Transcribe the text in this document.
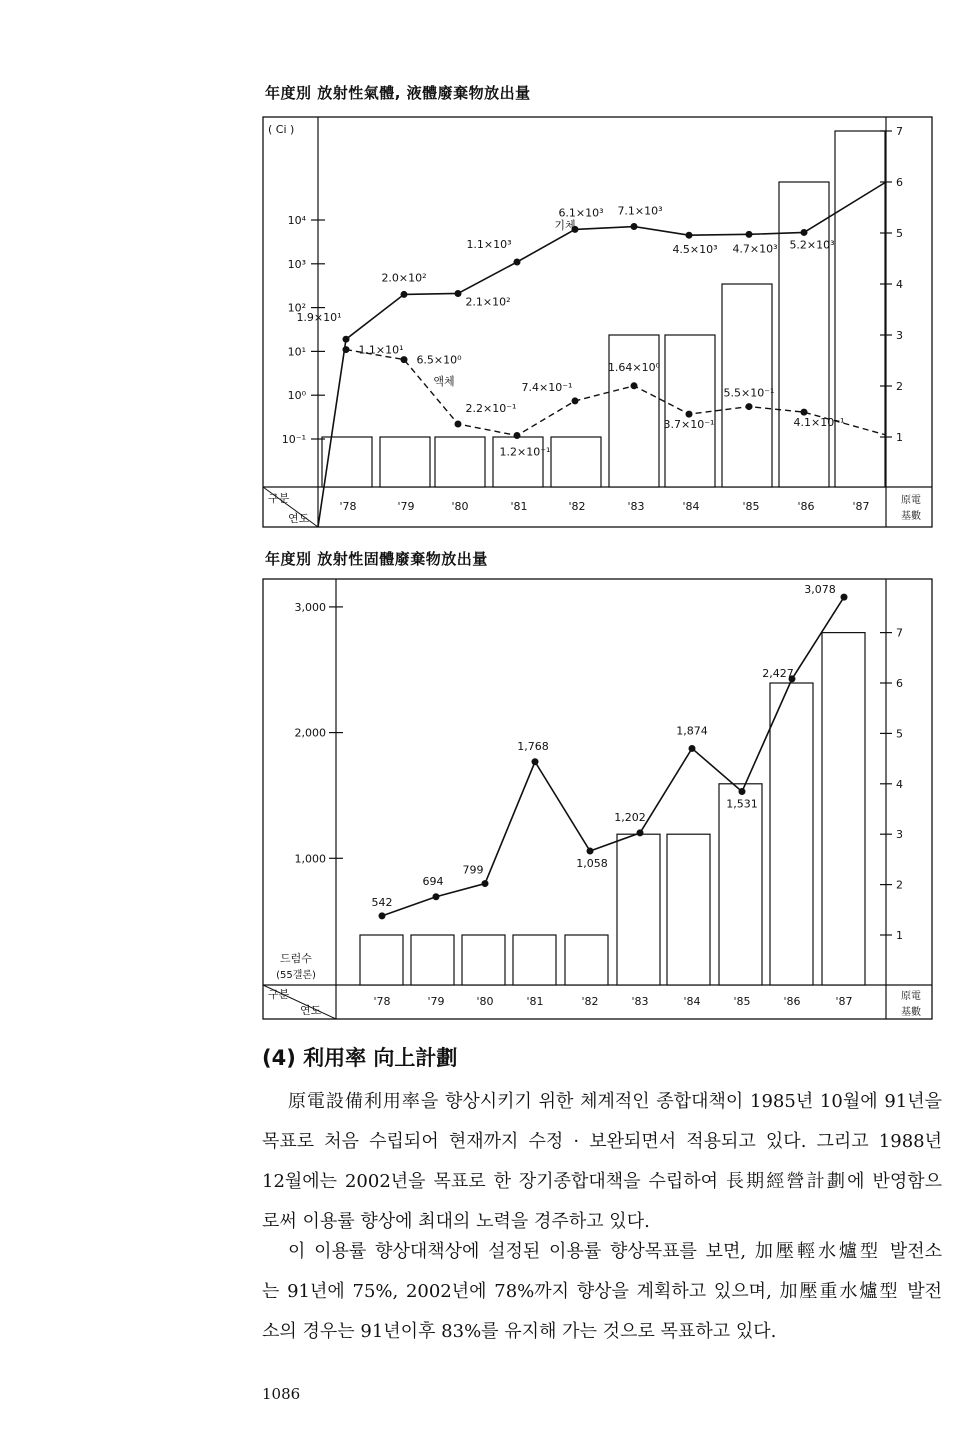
年度別 放射性氣體, 液體廢棄物放出量
年度別 放射性固體廢棄物放出量
10⁴
10³
10²
10¹
10⁰
10⁻¹
( Ci )	7
6
5
4
3
2
1
原電
基數
'78	'79	'80	'81	'82	'83	'84	'85	'86	'87
구분
연도
1.9×10¹
2.0×10²
2.1×10²
1.1×10³
6.1×10³ 7.1×10³
4.5×10³ 4.7×10³ 5.2×10³
1.1×10¹
6.5×10⁰
2.2×10⁻¹
1.2×10⁻¹
7.4×10⁻¹
1.64×10⁰
3.7×10⁻¹
5.5×10⁻¹
4.1×10⁻¹
기체
액체
3,000
2,000
1,000
드럼수
(55갤론)
7
6
5
4
3
2
1
原電
基數
'78	'79	'80	'81	'82	'83	'84	'85	'86	'87
구분
연도
542
694
799
1,768
1,058
1,202
1,874
1,531
2,427
3,078
(4) 利用率 向上計劃
原電設備利用率을 향상시키기 위한 체계적인 종합대책이 1985년 10월에 91년을
목표로 처음 수립되어 현재까지 수정 · 보완되면서 적용되고 있다. 그리고 1988년
12월에는 2002년을 목표로 한 장기종합대책을 수립하여 長期經營計劃에 반영함으
로써 이용률 향상에 최대의 노력을 경주하고 있다.
이 이용률 향상대책상에 설정된 이용률 향상목표를 보면, 加壓輕水爐型 발전소
는 91년에 75%, 2002년에 78%까지 향상을 계획하고 있으며, 加壓重水爐型 발전
소의 경우는 91년이후 83%를 유지해 가는 것으로 목표하고 있다.
1086
